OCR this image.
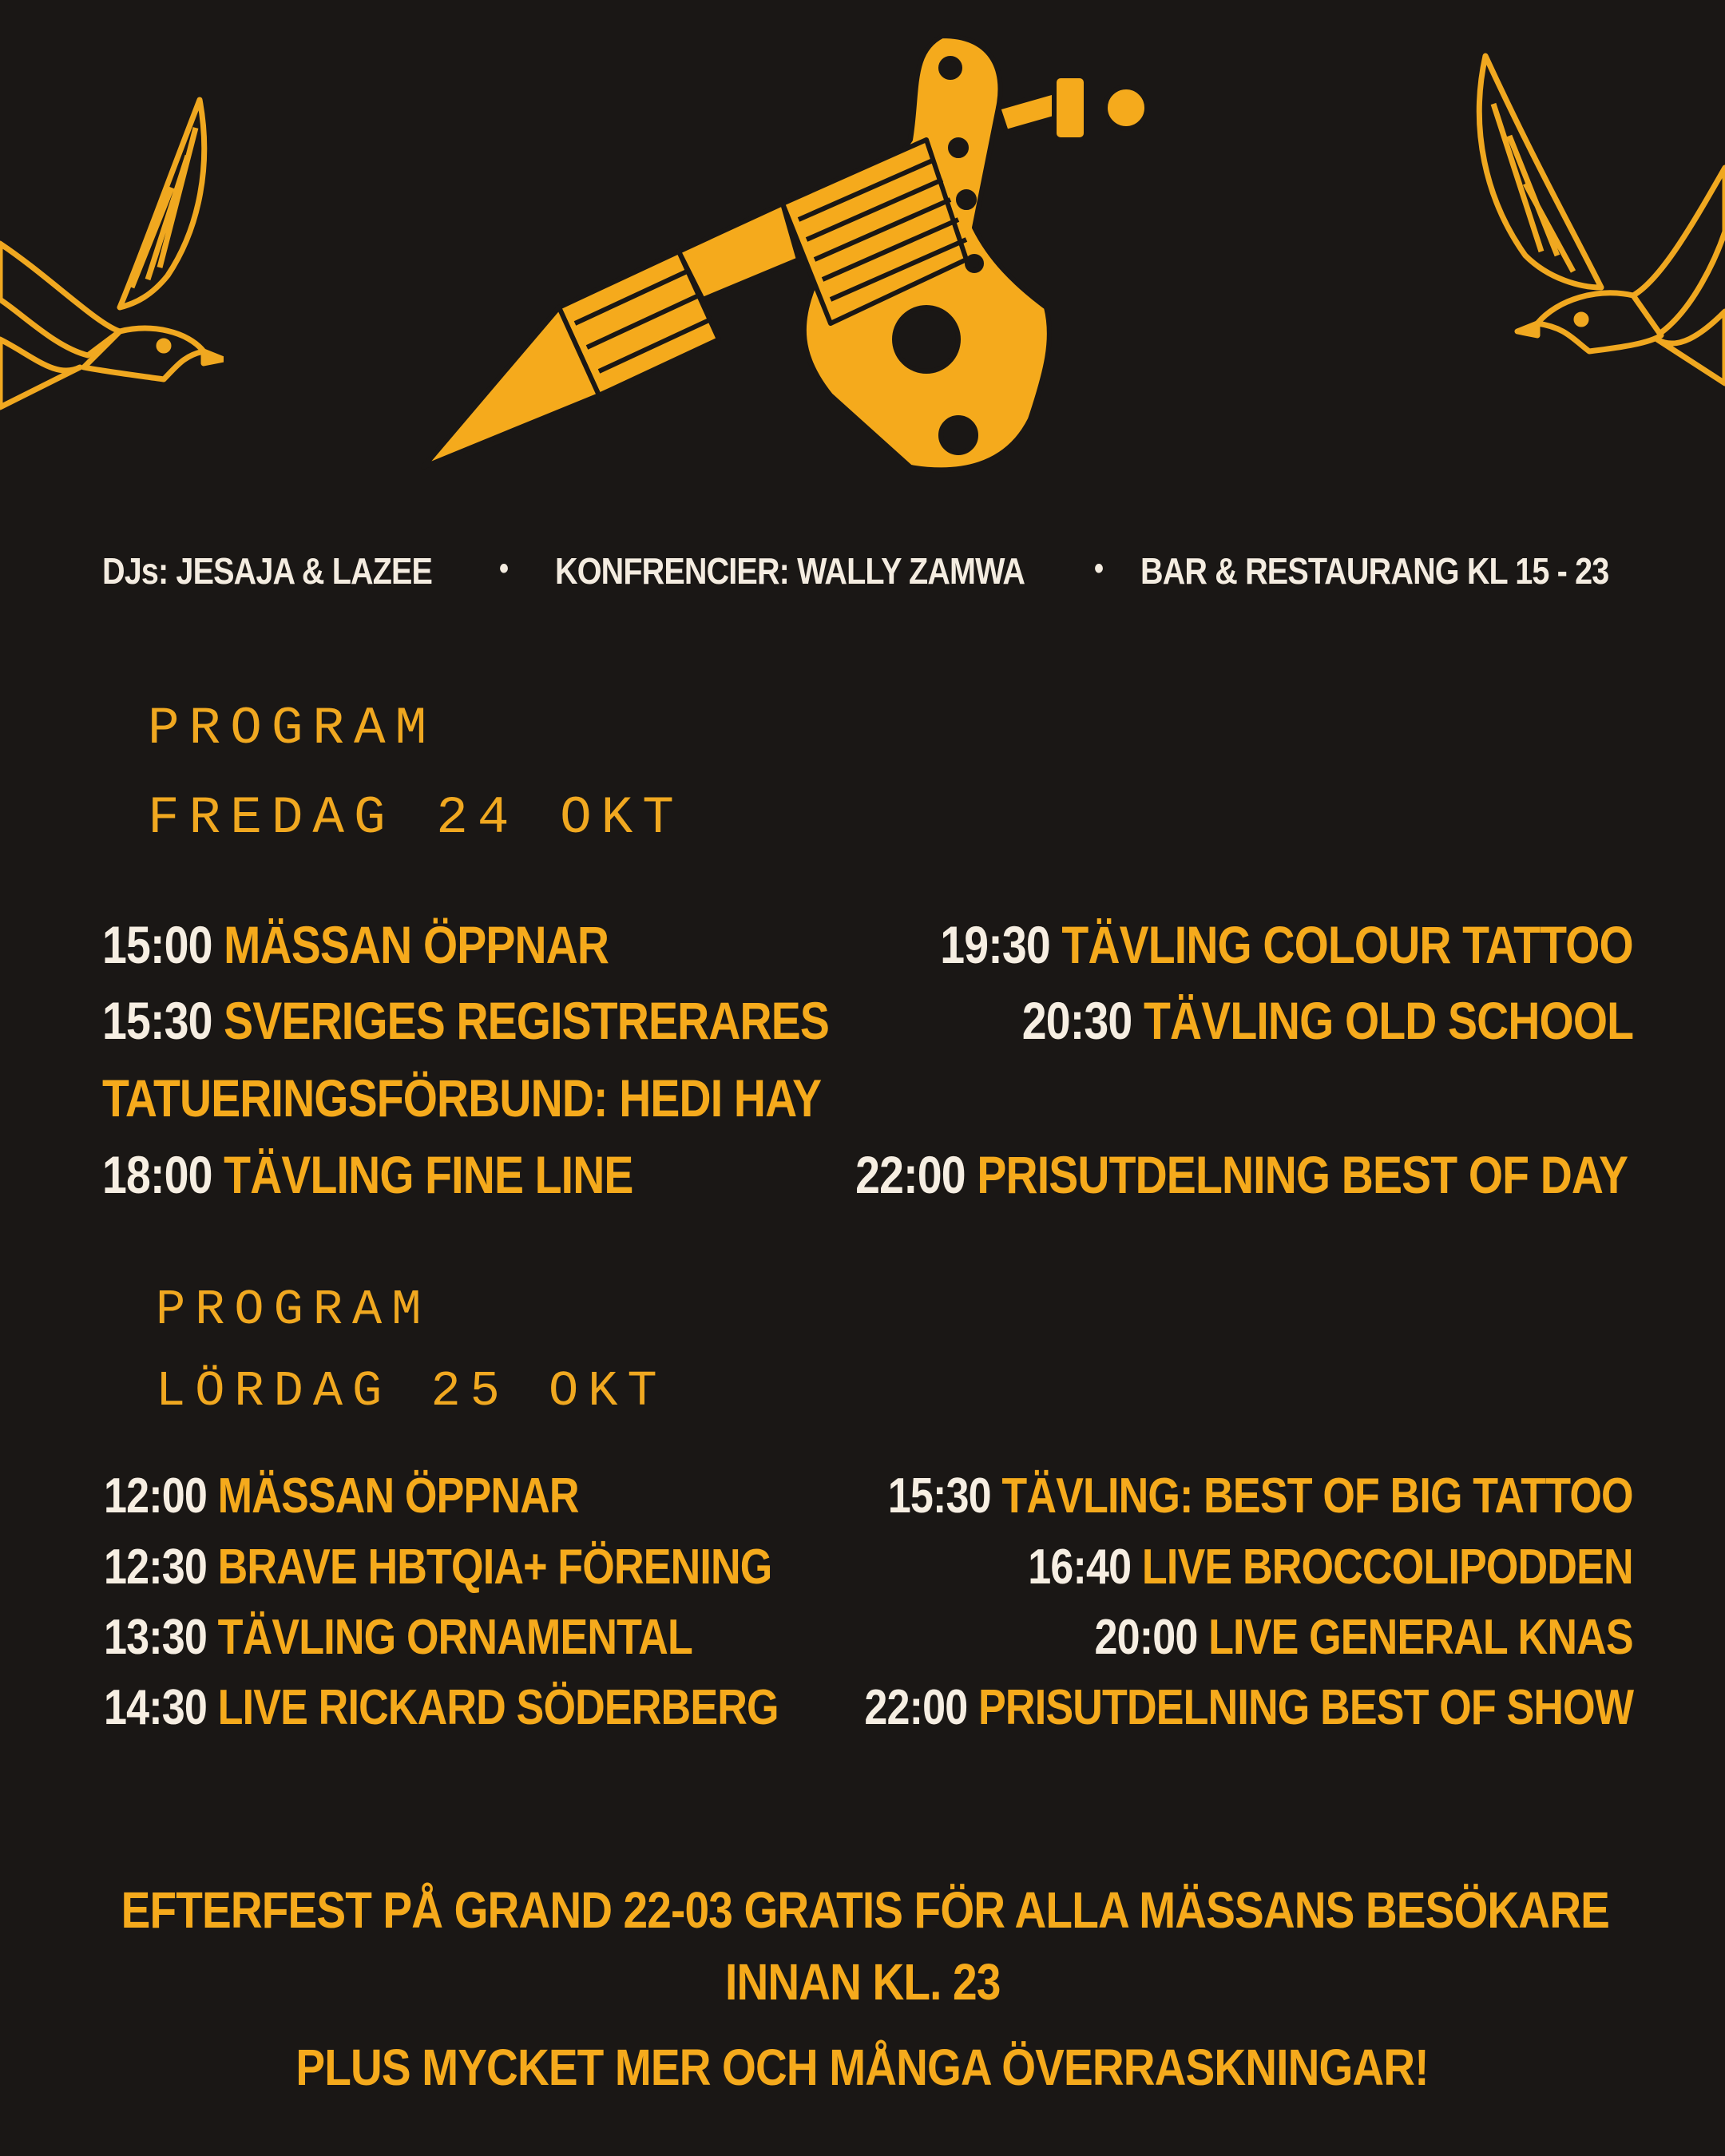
DJs: JESAJA & LAZEE • KONFRENCIER: WALLY ZAMWA • BAR & RESTAURANG KL 15 - 23
PROGRAM
FREDAG 24 OKT
15:00 MÄSSAN ÖPPNAR
15:30 SVERIGES REGISTRERARES
TATUERINGSFÖRBUND: HEDI HAY
18:00 TÄVLING FINE LINE
19:30 TÄVLING COLOUR TATTOO
20:30 TÄVLING OLD SCHOOL
22:00 PRISUTDELNING BEST OF DAY
PROGRAM
LÖRDAG 25 OKT
12:00 MÄSSAN ÖPPNAR
12:30 BRAVE HBTQIA+ FÖRENING
13:30 TÄVLING ORNAMENTAL
14:30 LIVE RICKARD SÖDERBERG
15:30 TÄVLING: BEST OF BIG TATTOO
16:40 LIVE BROCCOLIPODDEN
20:00 LIVE GENERAL KNAS
22:00 PRISUTDELNING BEST OF SHOW
EFTERFEST PÅ GRAND 22-03 GRATIS FÖR ALLA MÄSSANS BESÖKARE
INNAN KL. 23
PLUS MYCKET MER OCH MÅNGA ÖVERRASKNINGAR!
